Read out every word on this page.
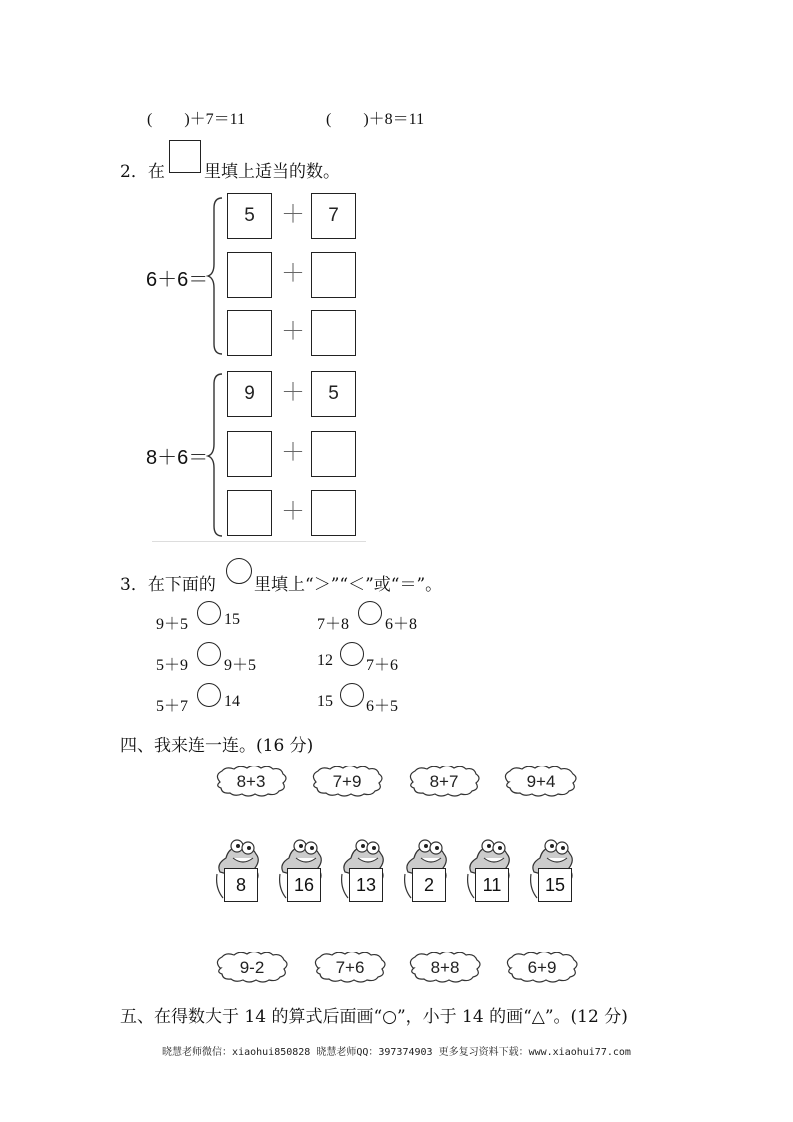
(　　)＋7＝11	(　　)＋8＝11
2．在 里填上适当的数。
6＋6＝
5	＋	7
＋
＋
8＋6＝
9	＋	5
＋
＋
3．在下面的 里填上“＞”“＜”或“＝”。
9＋5 15	7＋8 6＋8
5＋9 9＋5	12 7＋6
5＋7 14	15 6＋5
四、我来连一连。(16 分)
8+3	7+9	8+7	9+4
8	16	13	2	11	15
9-2	7+6	8+8	6+9
五、在得数大于 14 的算式后面画“○”，小于 14 的画“△”。(12 分)
晓慧老师微信：xiaohui850828 晓慧老师QQ：397374903 更多复习资料下载：www.xiaohui77.com
